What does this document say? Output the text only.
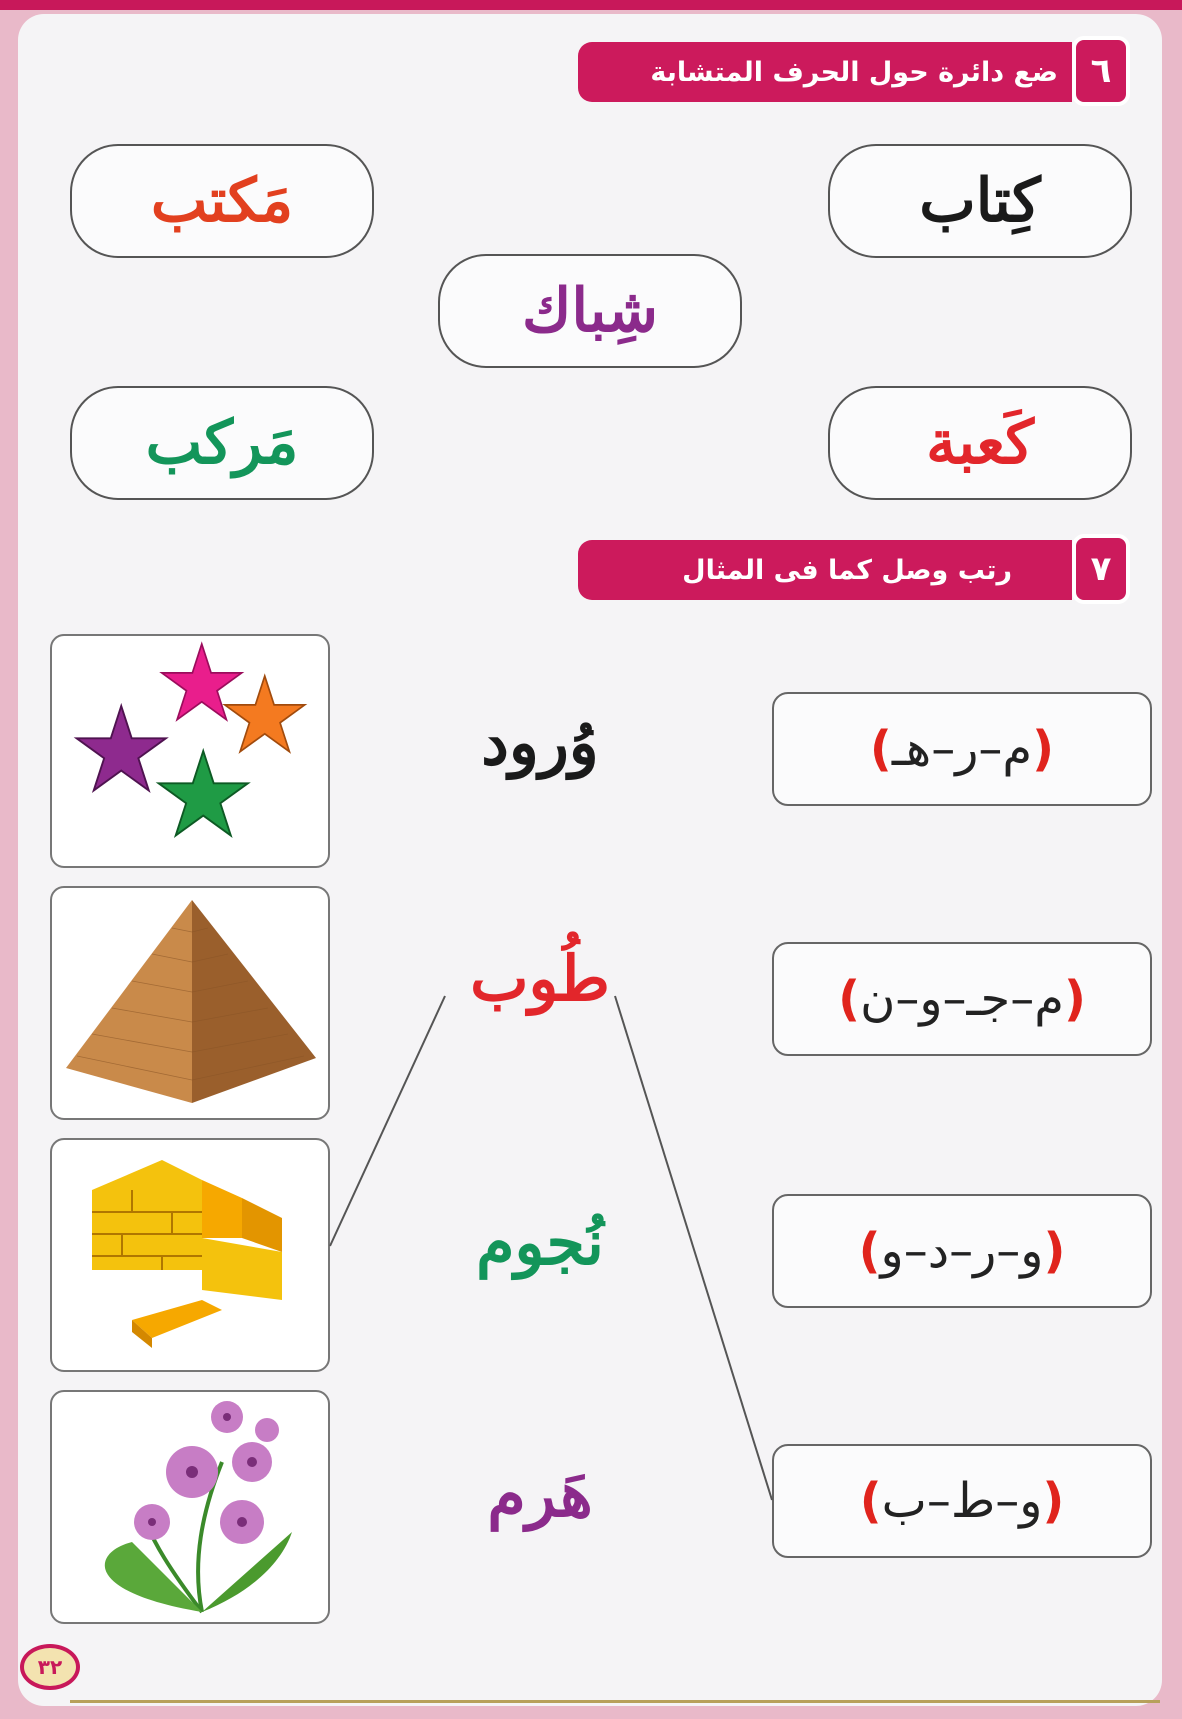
ضع دائرة حول الحرف المتشابة ٦
كِتاب
مَكتب
شِباك
كَعبة
مَركب
رتب وصل كما فى المثال	٧
(
م–ر–هـ
)
(
م–جـ–و–ن
)
(
و–ر–د–و
)
(
و–ط–ب
)
وُرود
طُوب
نُجوم
هَرم
٣٢
